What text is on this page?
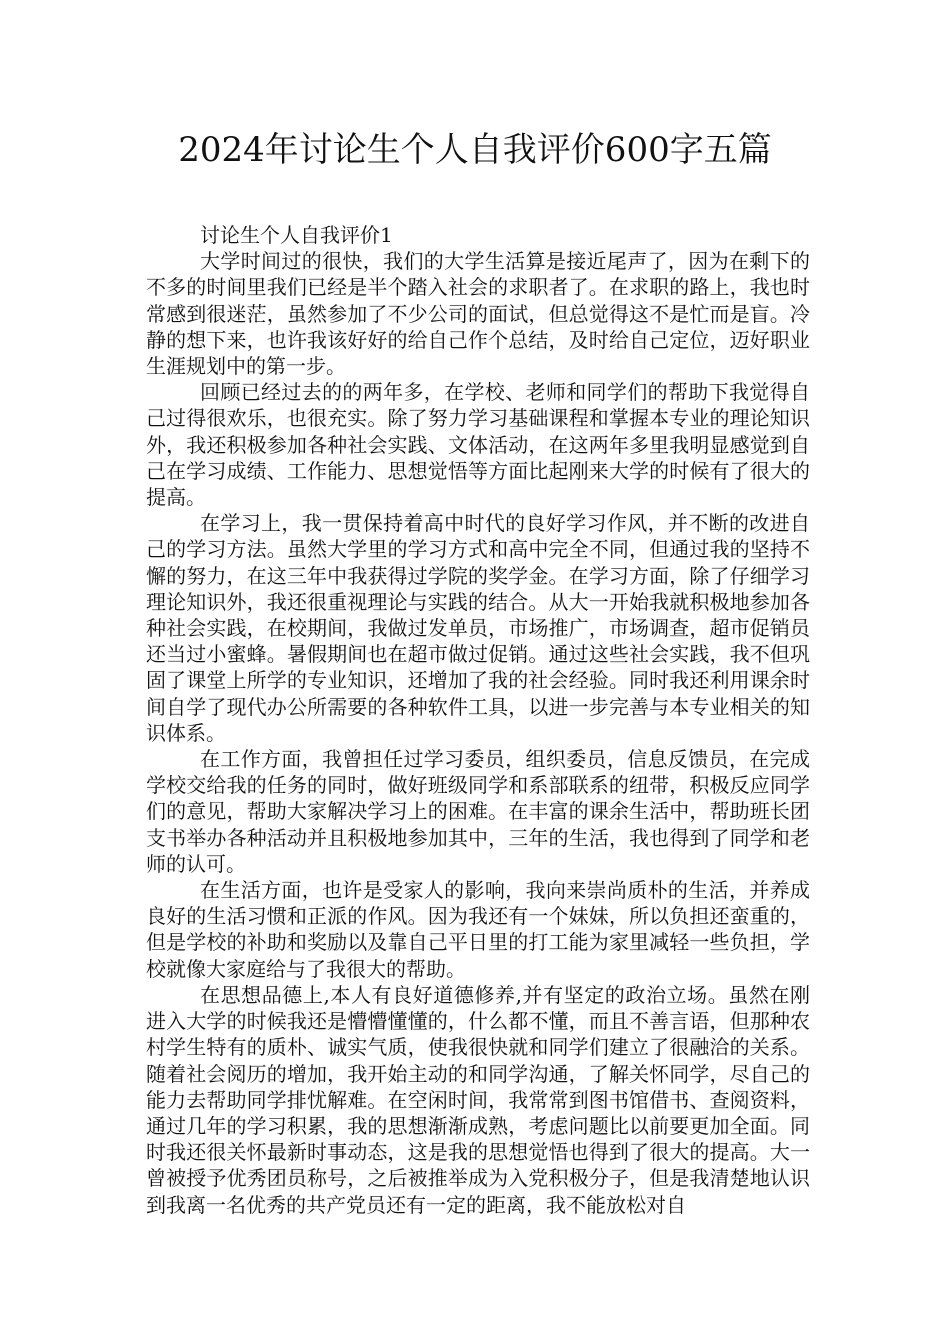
2024年讨论生个人自我评价600字五篇

讨论生个人自我评价1

大学时间过的很快，我们的大学生活算是接近尾声了，因为在剩下的不多的时间里我们已经是半个踏入社会的求职者了。在求职的路上，我也时常感到很迷茫，虽然参加了不少公司的面试，但总觉得这不是忙而是盲。冷静的想下来，也许我该好好的给自己作个总结，及时给自己定位，迈好职业生涯规划中的第一步。

回顾已经过去的的两年多，在学校、老师和同学们的帮助下我觉得自己过得很欢乐，也很充实。除了努力学习基础课程和掌握本专业的理论知识外，我还积极参加各种社会实践、文体活动，在这两年多里我明显感觉到自己在学习成绩、工作能力、思想觉悟等方面比起刚来大学的时候有了很大的提高。

在学习上，我一贯保持着高中时代的良好学习作风，并不断的改进自己的学习方法。虽然大学里的学习方式和高中完全不同，但通过我的坚持不懈的努力，在这三年中我获得过学院的奖学金。在学习方面，除了仔细学习理论知识外，我还很重视理论与实践的结合。从大一开始我就积极地参加各种社会实践，在校期间，我做过发单员，市场推广，市场调查，超市促销员还当过小蜜蜂。暑假期间也在超市做过促销。通过这些社会实践，我不但巩固了课堂上所学的专业知识，还增加了我的社会经验。同时我还利用课余时间自学了现代办公所需要的各种软件工具，以进一步完善与本专业相关的知识体系。

在工作方面，我曾担任过学习委员，组织委员，信息反馈员，在完成学校交给我的任务的同时，做好班级同学和系部联系的纽带，积极反应同学们的意见，帮助大家解决学习上的困难。在丰富的课余生活中，帮助班长团支书举办各种活动并且积极地参加其中，三年的生活，我也得到了同学和老师的认可。

在生活方面，也许是受家人的影响，我向来崇尚质朴的生活，并养成良好的生活习惯和正派的作风。因为我还有一个妹妹，所以负担还蛮重的，但是学校的补助和奖励以及靠自己平日里的打工能为家里减轻一些负担，学校就像大家庭给与了我很大的帮助。

在思想品德上,本人有良好道德修养,并有坚定的政治立场。虽然在刚进入大学的时候我还是懵懵懂懂的，什么都不懂，而且不善言语，但那种农村学生特有的质朴、诚实气质，使我很快就和同学们建立了很融洽的关系。随着社会阅历的增加，我开始主动的和同学沟通，了解关怀同学，尽自己的能力去帮助同学排忧解难。在空闲时间，我常常到图书馆借书、查阅资料，通过几年的学习积累，我的思想渐渐成熟，考虑问题比以前要更加全面。同时我还很关怀最新时事动态，这是我的思想觉悟也得到了很大的提高。大一曾被授予优秀团员称号，之后被推举成为入党积极分子，但是我清楚地认识到我离一名优秀的共产党员还有一定的距离，我不能放松对自
